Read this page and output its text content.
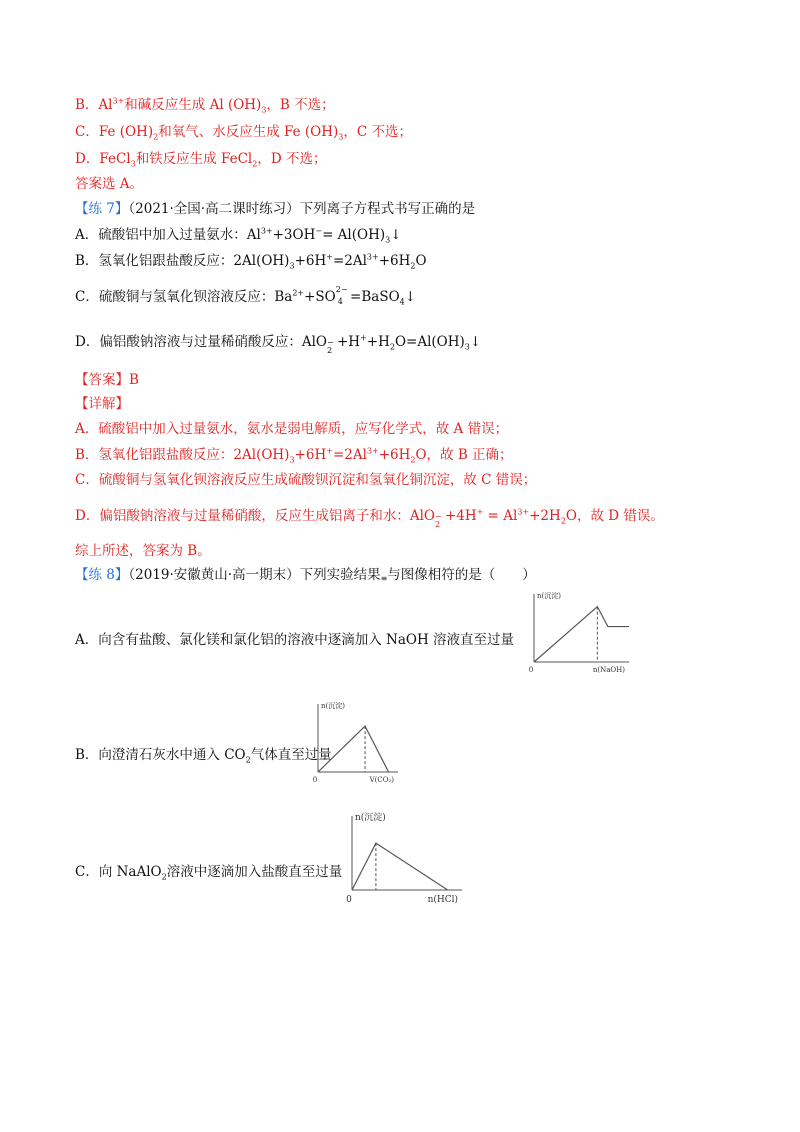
B．$Al^{3+}$和碱反应生成 Al $(OH)_3$，B 不选；
C．Fe $(OH)_2$和氧气、水反应生成 Fe $(OH)_3$，C 不选；
D．FeCl$_3$和铁反应生成 FeCl$_2$，D 不选；
答案选 A。
【练 7】（2021·全国·高二课时练习）下列离子方程式书写正确的是
A．硫酸铝中加入过量氨水：$Al^{3+}+3OH^-=$ $Al(OH)_3↓$
B．氢氧化铝跟盐酸反应：$2Al(OH)_3+6H^+=2Al^{3+}+6H_2O$
C．硫酸铜与氢氧化钡溶液反应：$Ba^{2+}+SO$ 2−
4 =BaSO$_4$↓
D．偏铝酸钠溶液与过量稀硝酸反应：AlO −
2
$+H^++H_2O=Al(OH)_3↓$
【答案】B
【详解】
A．硫酸铝中加入过量氨水，氨水是弱电解质，应写化学式，故 A 错误；
B．氢氧化铝跟盐酸反应：$2Al(OH)_3+6H^+=2Al^{3+}+6H_2O$，故 B 正确；
C．硫酸铜与氢氧化钡溶液反应生成硫酸钡沉淀和氢氧化铜沉淀，故 C 错误；
D．偏铝酸钠溶液与过量稀硝酸，反应生成铝离子和水：AlO −
2
$+4H^+ = Al^{3+}+2H_2O$，故 D 错误。
综上所述，答案为 B。
【练 8】（2019·安徽黄山·高一期末）下列实验结果≡与图像相符的是（　　）
A．向含有盐酸、氯化镁和氯化铝的溶液中逐滴加入 NaOH 溶液直至过量
B．向澄清石灰水中通入 $CO_2$气体直至过量
C．向 NaAlO$_2$溶液中逐滴加入盐酸直至过量
n(沉淀)
n(NaOH)
0
n(沉淀)
V(CO₂)
0
n(沉淀)
n(HCl)
0
